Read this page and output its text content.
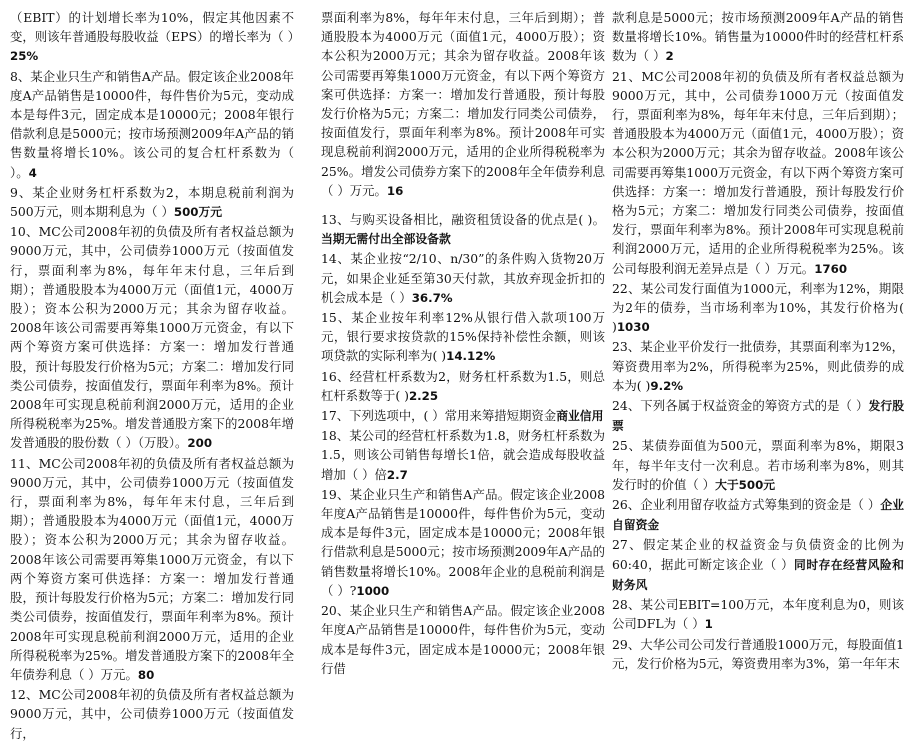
（EBIT）的计划增长率为10%，假定其他因素不变，则该年普通股每股收益（EPS）的增长率为（ ）25%

8、某企业只生产和销售A产品。假定该企业2008年度A产品销售是10000件，每件售价为5元，变动成本是每件3元，固定成本是10000元；2008年银行借款利息是5000元；按市场预测2009年A产品的销售数量将增长10%。该公司的复合杠杆系数为（ ）。4

9、某企业财务杠杆系数为2，本期息税前利润为500万元，则本期利息为（ ）500万元

10、MC公司2008年初的负债及所有者权益总额为9000万元，其中，公司债券1000万元（按面值发行，票面利率为8%，每年年末付息，三年后到期）；普通股股本为4000万元（面值1元，4000万股）；资本公积为2000万元；其余为留存收益。2008年该公司需要再筹集1000万元资金，有以下两个筹资方案可供选择：方案一：增加发行普通股，预计每股发行价格为5元；方案二：增加发行同类公司债券，按面值发行，票面年利率为8%。预计2008年可实现息税前利润2000万元，适用的企业所得税税率为25%。增发普通股方案下的2008年增发普通股的股份数（ ）（万股）。200

11、MC公司2008年初的负债及所有者权益总额为9000万元，其中，公司债券1000万元（按面值发行，票面利率为8%，每年年末付息，三年后到期）；普通股股本为4000万元（面值1元，4000万股）；资本公积为2000万元；其余为留存收益。2008年该公司需要再筹集1000万元资金，有以下两个筹资方案可供选择：方案一：增加发行普通股，预计每股发行价格为5元；方案二：增加发行同类公司债券，按面值发行，票面年利率为8%。预计2008年可实现息税前利润2000万元，适用的企业所得税税率为25%。增发普通股方案下的2008年全年债券利息（ ）万元。80

12、MC公司2008年初的负债及所有者权益总额为9000万元，其中，公司债券1000万元（按面值发行，

票面利率为8%，每年年末付息，三年后到期）；普通股股本为4000万元（面值1元，4000万股）；资本公积为2000万元；其余为留存收益。2008年该公司需要再筹集1000万元资金，有以下两个筹资方案可供选择：方案一：增加发行普通股，预计每股发行价格为5元；方案二：增加发行同类公司债券，按面值发行，票面年利率为8%。预计2008年可实现息税前利润2000万元，适用的企业所得税税率为25%。增发公司债券方案下的2008年全年债券利息（ ）万元。16

13、与购买设备相比，融资租赁设备的优点是( )。当期无需付出全部设备款

14、某企业按“2/10、n/30”的条件购入货物20万元，如果企业延至第30天付款，其放弃现金折扣的机会成本是（ ）36.7%

15、某企业按年利率12%从银行借入款项100万元，银行要求按贷款的15%保持补偿性余额，则该项贷款的实际利率为( )14.12%

16、经营杠杆系数为2，财务杠杆系数为1.5，则总杠杆系数等于( )2.25

17、下列选项中，( ）常用来筹措短期资金商业信用

18、某公司的经营杠杆系数为1.8，财务杠杆系数为1.5，则该公司销售每增长1倍，就会造成每股收益增加（ ）倍2.7

19、某企业只生产和销售A产品。假定该企业2008年度A产品销售是10000件，每件售价为5元，变动成本是每件3元，固定成本是10000元；2008年银行借款利息是5000元；按市场预测2009年A产品的销售数量将增长10%。2008年企业的息税前利润是（ ）?1000

20、某企业只生产和销售A产品。假定该企业2008年度A产品销售是10000件，每件售价为5元，变动成本是每件3元，固定成本是10000元；2008年银行借

款利息是5000元；按市场预测2009年A产品的销售数量将增长10%。销售量为10000件时的经营杠杆系数为（ ）2

21、MC公司2008年初的负债及所有者权益总额为9000万元，其中，公司债券1000万元（按面值发行，票面利率为8%，每年年末付息，三年后到期）；普通股股本为4000万元（面值1元，4000万股）；资本公积为2000万元；其余为留存收益。2008年该公司需要再筹集1000万元资金，有以下两个筹资方案可供选择：方案一：增加发行普通股，预计每股发行价格为5元；方案二：增加发行同类公司债券，按面值发行，票面年利率为8%。预计2008年可实现息税前利润2000万元，适用的企业所得税税率为25%。该公司每股利润无差异点是（ ）万元。1760

22、某公司发行面值为1000元，利率为12%，期限为2年的债券，当市场利率为10%，其发行价格为( )1030

23、某企业平价发行一批债券，其票面利率为12%，筹资费用率为2%，所得税率为25%，则此债券的成本为( )9.2%

24、下列各属于权益资金的筹资方式的是（ ）发行股票

25、某债券面值为500元，票面利率为8%，期限3年，每半年支付一次利息。若市场利率为8%，则其发行时的价值（ ）大于500元

26、企业利用留存收益方式筹集到的资金是（ ）企业自留资金

27、假定某企业的权益资金与负债资金的比例为60:40，据此可断定该企业（ ）同时存在经营风险和财务风

28、某公司EBIT=100万元，本年度利息为0，则该公司DFL为（ ）1

29、大华公司公司发行普通股1000万元，每股面值1元，发行价格为5元，筹资费用率为3%，第一年年末
